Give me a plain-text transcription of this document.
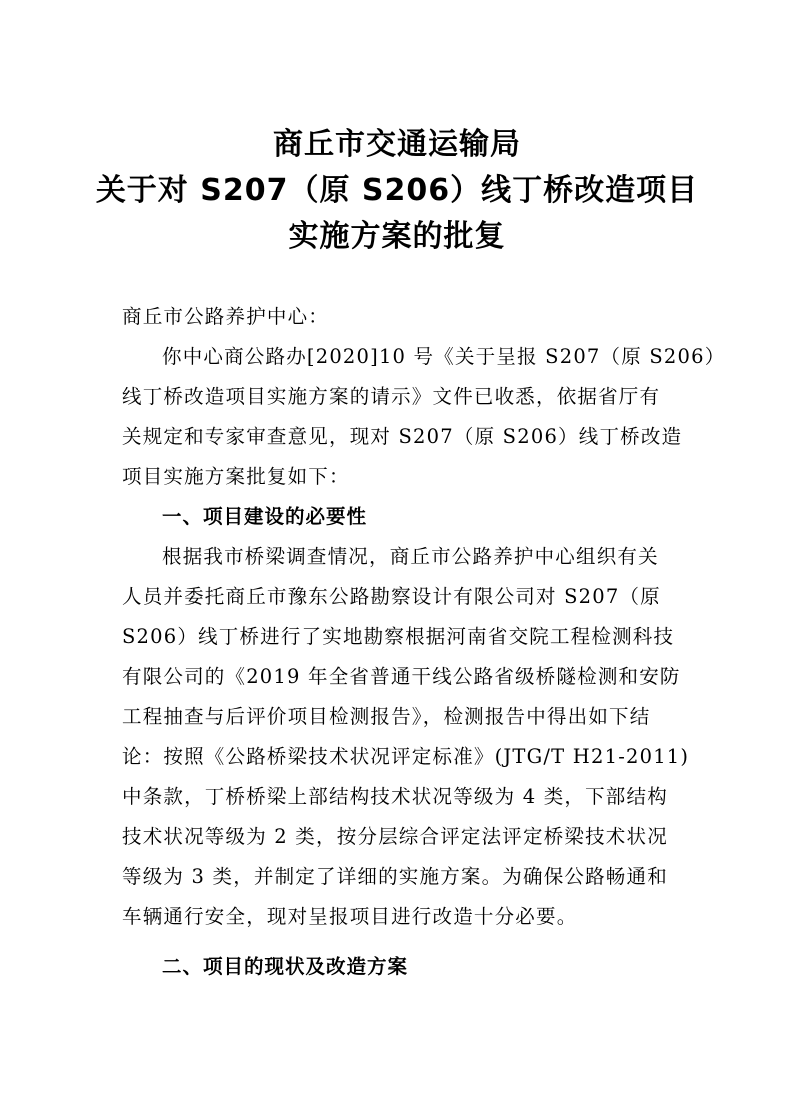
商丘市交通运输局
关于对 S207（原 S206）线丁桥改造项目
实施方案的批复
商丘市公路养护中心：
你中心商公路办[2020]10 号《关于呈报 S207（原 S206）
线丁桥改造项目实施方案的请示》文件已收悉，依据省厅有
关规定和专家审查意见，现对 S207（原 S206）线丁桥改造
项目实施方案批复如下：
一、项目建设的必要性
根据我市桥梁调查情况，商丘市公路养护中心组织有关
人员并委托商丘市豫东公路勘察设计有限公司对 S207（原
S206）线丁桥进行了实地勘察根据河南省交院工程检测科技
有限公司的《2019 年全省普通干线公路省级桥隧检测和安防
工程抽查与后评价项目检测报告》，检测报告中得出如下结
论：按照《公路桥梁技术状况评定标准》(JTG/T H21-2011)
中条款，丁桥桥梁上部结构技术状况等级为 4 类，下部结构
技术状况等级为 2 类，按分层综合评定法评定桥梁技术状况
等级为 3 类，并制定了详细的实施方案。为确保公路畅通和
车辆通行安全，现对呈报项目进行改造十分必要。
二、项目的现状及改造方案
